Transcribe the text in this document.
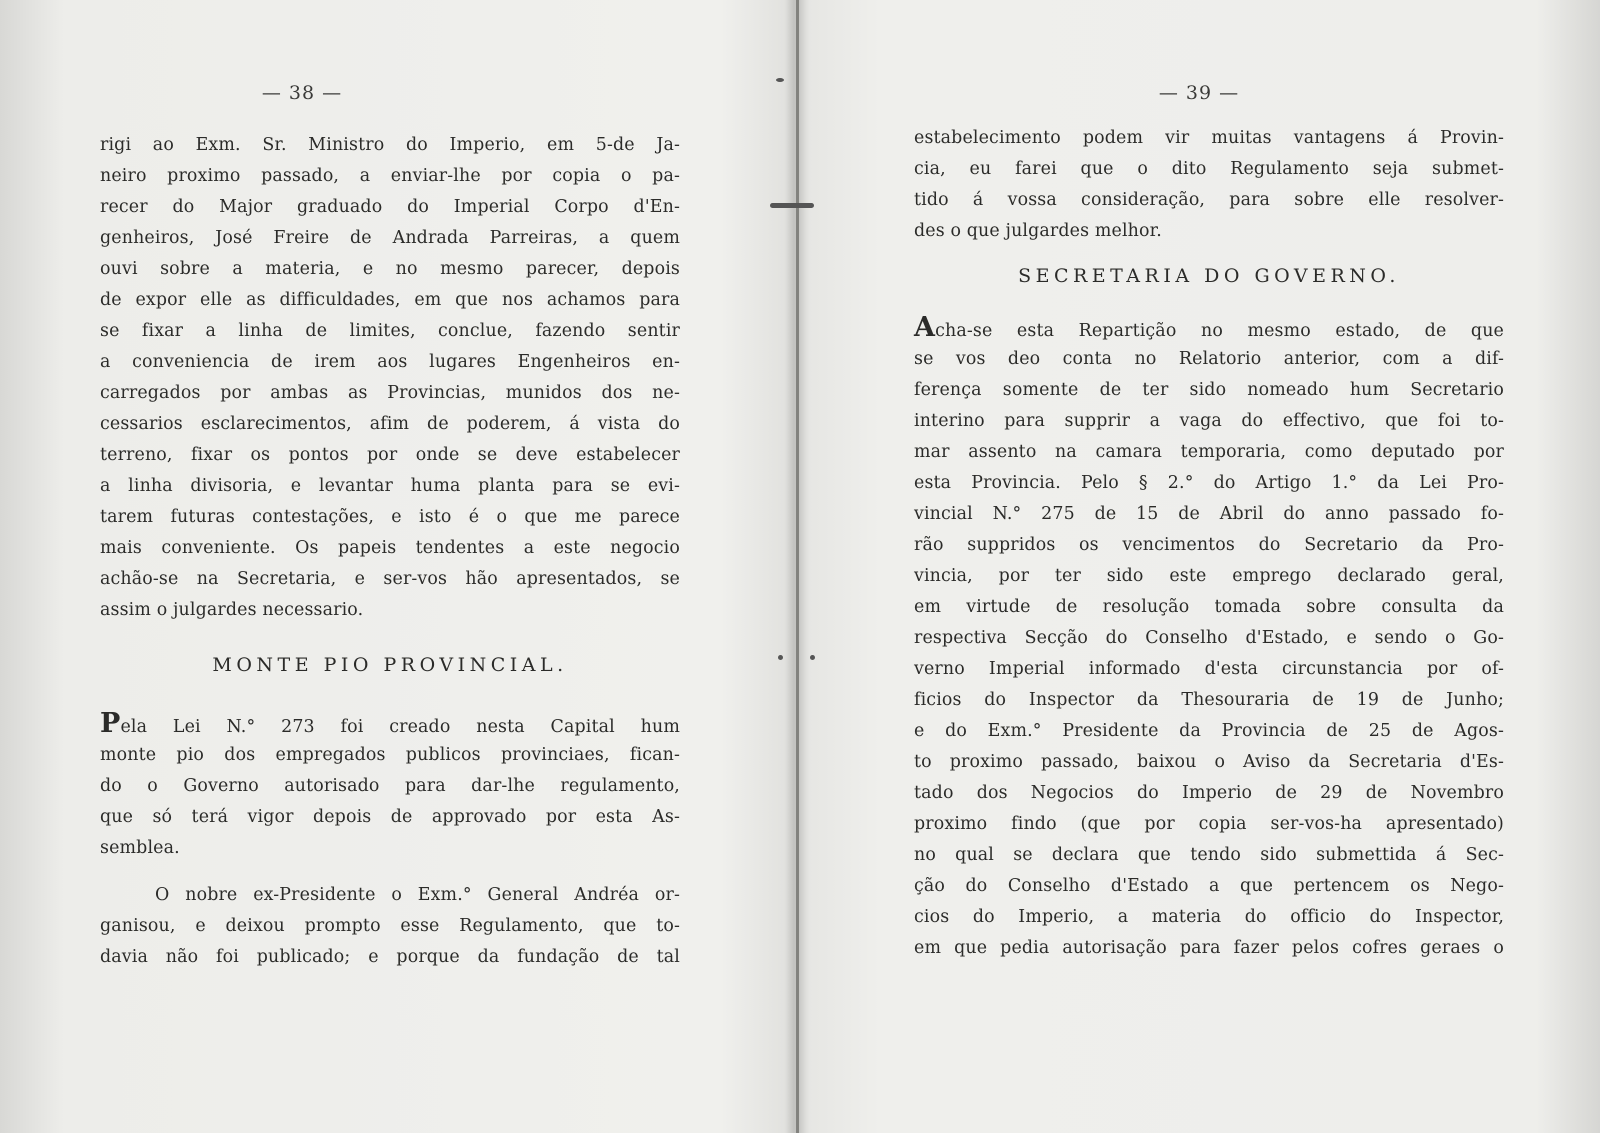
— 38 —
rigi ao Exm. Sr. Ministro do Imperio, em 5-de Ja-
neiro proximo passado, a enviar-lhe por copia o pa-
recer do Major graduado do Imperial Corpo d'En-
genheiros, José Freire de Andrada Parreiras, a quem
ouvi sobre a materia, e no mesmo parecer, depois
de expor elle as difficuldades, em que nos achamos para
se fixar a linha de limites, conclue, fazendo sentir
a conveniencia de irem aos lugares Engenheiros en-
carregados por ambas as Provincias, munidos dos ne-
cessarios esclarecimentos, afim de poderem, á vista do
terreno, fixar os pontos por onde se deve estabelecer
a linha divisoria, e levantar huma planta para se evi-
tarem futuras contestações, e isto é o que me parece
mais conveniente. Os papeis tendentes a este negocio
achão-se na Secretaria, e ser-vos hão apresentados, se
assim o julgardes necessario.
MONTE PIO PROVINCIAL.
Pela Lei N.° 273 foi creado nesta Capital hum
monte pio dos empregados publicos provinciaes, fican-
do o Governo autorisado para dar-lhe regulamento,
que só terá vigor depois de approvado por esta As-
semblea.
O nobre ex-Presidente o Exm.° General Andréa or-
ganisou, e deixou prompto esse Regulamento, que to-
davia não foi publicado; e porque da fundação de tal
— 39 —
estabelecimento podem vir muitas vantagens á Provin-
cia, eu farei que o dito Regulamento seja submet-
tido á vossa consideração, para sobre elle resolver-
des o que julgardes melhor.
SECRETARIA DO GOVERNO.
Acha-se esta Repartição no mesmo estado, de que
se vos deo conta no Relatorio anterior, com a dif-
ferença somente de ter sido nomeado hum Secretario
interino para supprir a vaga do effectivo, que foi to-
mar assento na camara temporaria, como deputado por
esta Provincia. Pelo § 2.° do Artigo 1.° da Lei Pro-
vincial N.° 275 de 15 de Abril do anno passado fo-
rão suppridos os vencimentos do Secretario da Pro-
vincia, por ter sido este emprego declarado geral,
em virtude de resolução tomada sobre consulta da
respectiva Secção do Conselho d'Estado, e sendo o Go-
verno Imperial informado d'esta circunstancia por of-
ficios do Inspector da Thesouraria de 19 de Junho;
e do Exm.° Presidente da Provincia de 25 de Agos-
to proximo passado, baixou o Aviso da Secretaria d'Es-
tado dos Negocios do Imperio de 29 de Novembro
proximo findo (que por copia ser-vos-ha apresentado)
no qual se declara que tendo sido submettida á Sec-
ção do Conselho d'Estado a que pertencem os Nego-
cios do Imperio, a materia do officio do Inspector,
em que pedia autorisação para fazer pelos cofres geraes o
